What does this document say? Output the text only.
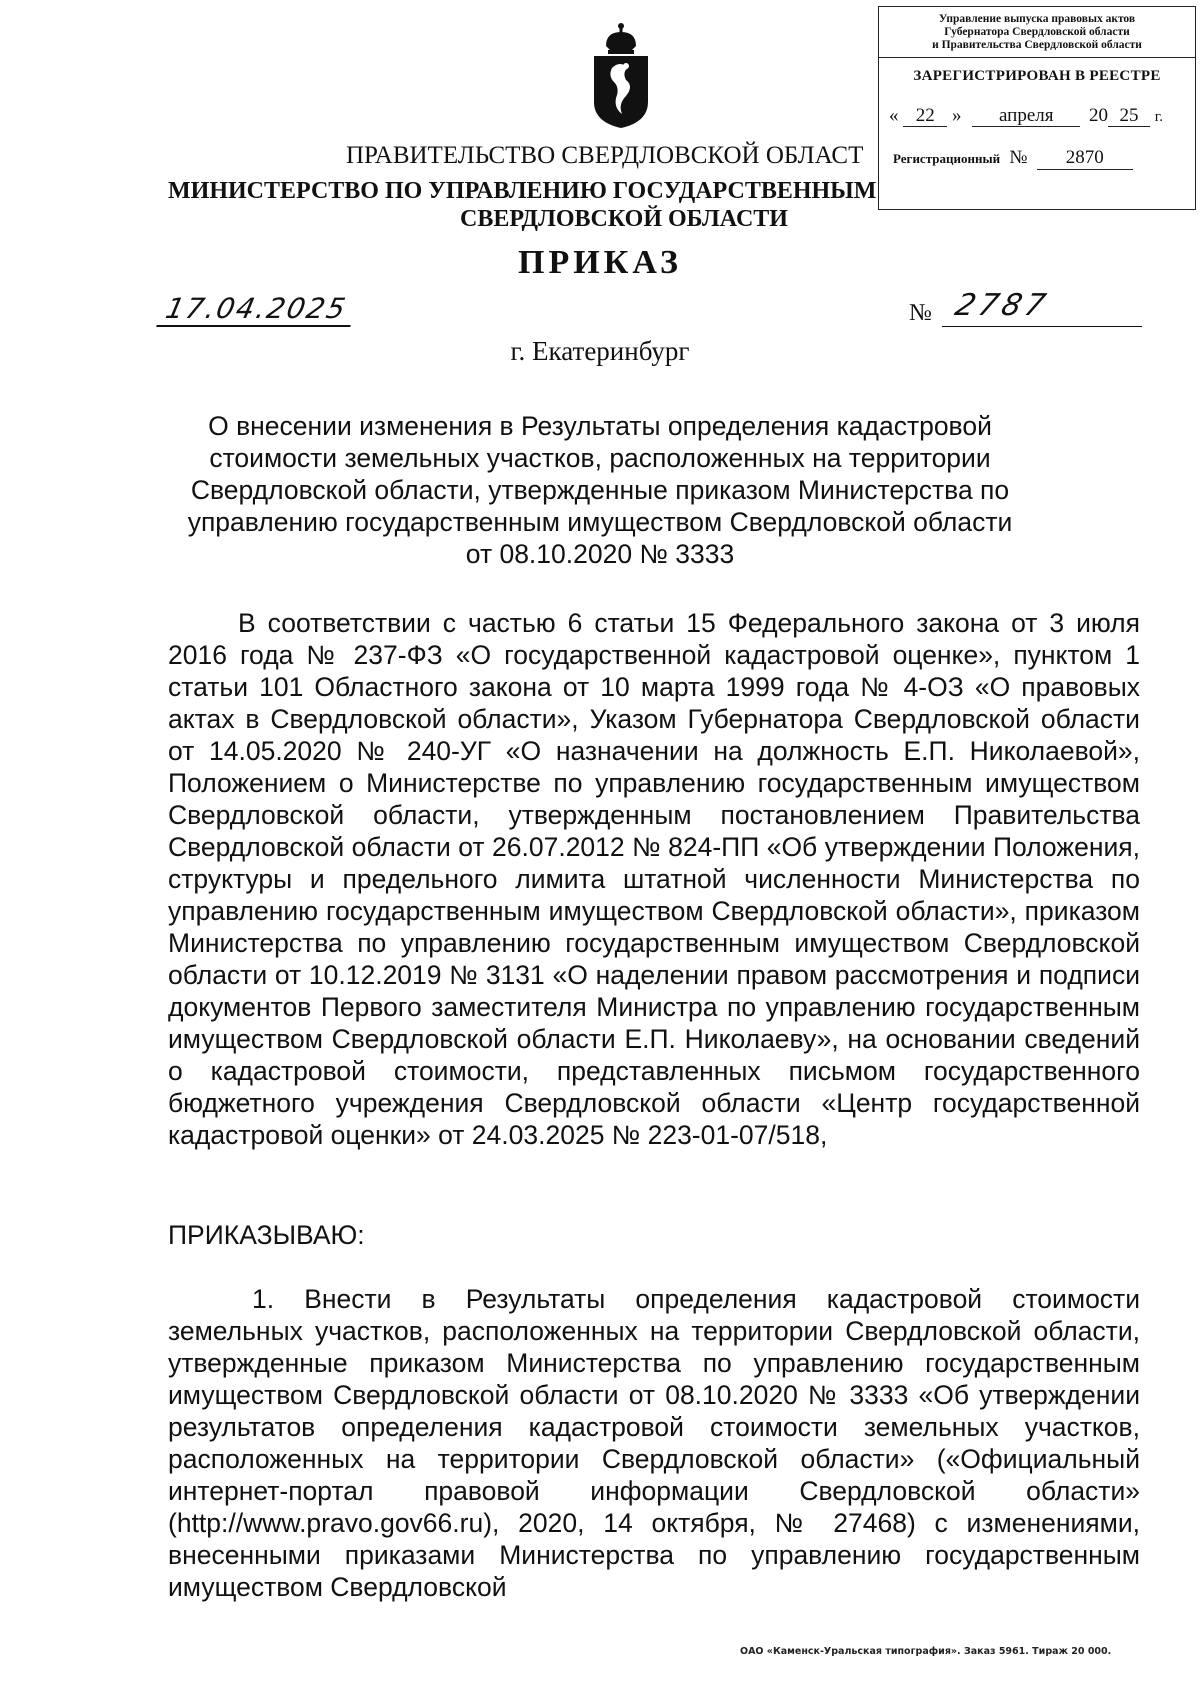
Управление выпуска правовых актов
Губернатора Свердловской области
и Правительства Свердловской области
ЗАРЕГИСТРИРОВАН В РЕЕСТРЕ
« 22 » апреля 20 25 г.
Регистрационный № 2870
ПРАВИТЕЛЬСТВО СВЕРДЛОВСКОЙ ОБЛАСТ
МИНИСТЕРСТВО ПО УПРАВЛЕНИЮ ГОСУДАРСТВЕННЫМ
СВЕРДЛОВСКОЙ ОБЛАСТИ
ПРИКАЗ
17.04.2025	№ 2787
г. Екатеринбург
О внесении изменения в Результаты определения кадастровой стоимости земельных участков, расположенных на территории Свердловской области, утвержденные приказом Министерства по управлению государственным имуществом Свердловской области от 08.10.2020 № 3333
В соответствии с частью 6 статьи 15 Федерального закона от 3 июля 2016 года № 237-ФЗ «О государственной кадастровой оценке», пунктом 1 статьи 101 Областного закона от 10 марта 1999 года № 4-ОЗ «О правовых актах в Свердловской области», Указом Губернатора Свердловской области от 14.05.2020 № 240-УГ «О назначении на должность Е.П. Николаевой», Положением о Министерстве по управлению государственным имуществом Свердловской области, утвержденным постановлением Правительства Свердловской области от 26.07.2012 № 824-ПП «Об утверждении Положения, структуры и предельного лимита штатной численности Министерства по управлению государственным имуществом Свердловской области», приказом Министерства по управлению государственным имуществом Свердловской области от 10.12.2019 № 3131 «О наделении правом рассмотрения и подписи документов Первого заместителя Министра по управлению государственным имуществом Свердловской области Е.П. Николаеву», на основании сведений о кадастровой стоимости, представленных письмом государственного бюджетного учреждения Свердловской области «Центр государственной кадастровой оценки» от 24.03.2025 № 223-01-07/518,
ПРИКАЗЫВАЮ:
1. Внести в Результаты определения кадастровой стоимости земельных участков, расположенных на территории Свердловской области, утвержденные приказом Министерства по управлению государственным имуществом Свердловской области от 08.10.2020 № 3333 «Об утверждении результатов определения кадастровой стоимости земельных участков, расположенных на территории Свердловской области» («Официальный интернет-портал правовой информации Свердловской области» (http://www.pravo.gov66.ru), 2020, 14 октября, № 27468) с изменениями, внесенными приказами Министерства по управлению государственным имуществом Свердловской
ОАО «Каменск-Уральская типография». Заказ 5961. Тираж 20 000.
